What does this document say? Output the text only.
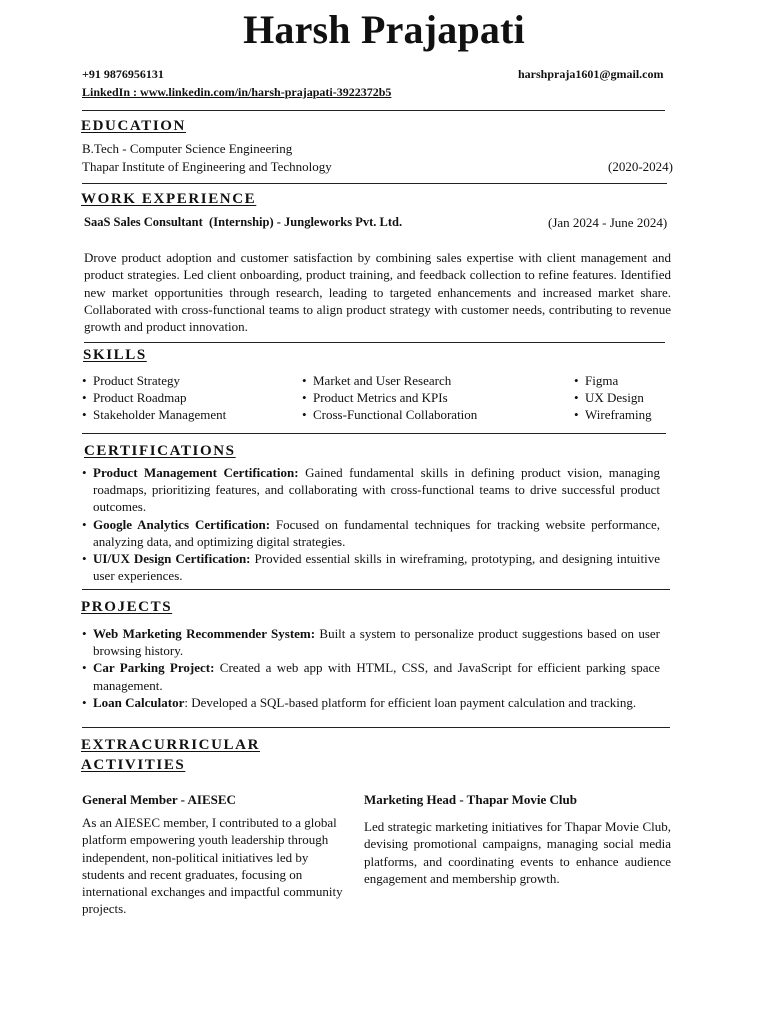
Harsh Prajapati
+91 9876956131	harshpraja1601@gmail.com
LinkedIn : www.linkedin.com/in/harsh-prajapati-3922372b5
EDUCATION
B.Tech - Computer Science Engineering
Thapar Institute of Engineering and Technology	(2020-2024)
WORK EXPERIENCE
SaaS Sales Consultant  (Internship) - Jungleworks Pvt. Ltd.	(Jan 2024 - June 2024)
Drove product adoption and customer satisfaction by combining sales expertise with client management and product strategies. Led client onboarding, product training, and feedback collection to refine features. Identified new market opportunities through research, leading to targeted enhancements and increased market share. Collaborated with cross-functional teams to align product strategy with customer needs, contributing to revenue growth and product innovation.
SKILLS
• Product Strategy
• Product Roadmap
• Stakeholder Management
• Market and User Research
• Product Metrics and KPIs
• Cross-Functional Collaboration
• Figma
• UX Design
• Wireframing
CERTIFICATIONS
• Product Management Certification: Gained fundamental skills in defining product vision, managing roadmaps, prioritizing features, and collaborating with cross-functional teams to drive successful product outcomes.
• Google Analytics Certification: Focused on fundamental techniques for tracking website performance, analyzing data, and optimizing digital strategies.
• UI/UX Design Certification: Provided essential skills in wireframing, prototyping, and designing intuitive user experiences.
PROJECTS
• Web Marketing Recommender System: Built a system to personalize product suggestions based on user browsing history.
• Car Parking Project: Created a web app with HTML, CSS, and JavaScript for efficient parking space management.
• Loan Calculator: Developed a SQL-based platform for efficient loan payment calculation and tracking.
EXTRACURRICULAR
ACTIVITIES
General Member - AIESEC
As an AIESEC member, I contributed to a global platform empowering youth leadership through independent, non-political initiatives led by students and recent graduates, focusing on international exchanges and impactful community projects.
Marketing Head - Thapar Movie Club
Led strategic marketing initiatives for Thapar Movie Club, devising promotional campaigns, managing social media platforms, and coordinating events to enhance audience engagement and membership growth.
